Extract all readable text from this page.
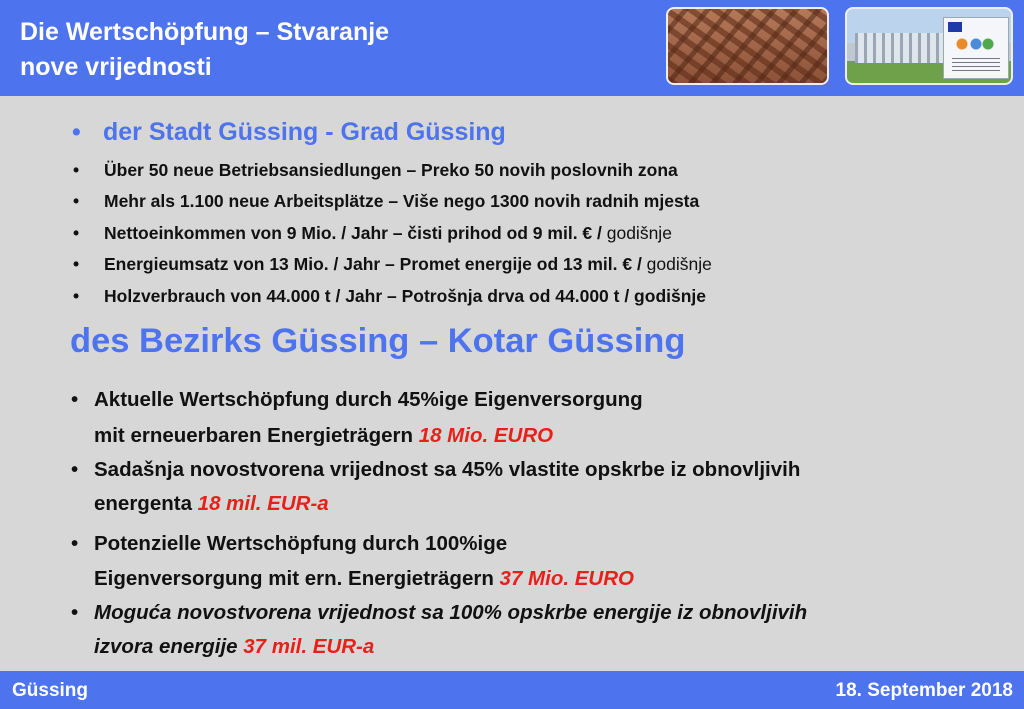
Die Wertschöpfung – Stvaranje
nove vrijednosti
• der Stadt Güssing - Grad Güssing
• Über 50 neue Betriebsansiedlungen – Preko 50 novih poslovnih zona
• Mehr als 1.100 neue Arbeitsplätze – Više nego 1300 novih radnih mjesta
• Nettoeinkommen von 9 Mio. / Jahr – čisti prihod od 9 mil. € / godišnje
• Energieumsatz von 13 Mio. / Jahr – Promet energije od 13 mil. € / godišnje
• Holzverbrauch von 44.000 t / Jahr – Potrošnja drva od 44.000 t / godišnje
des Bezirks Güssing – Kotar Güssing
• Aktuelle Wertschöpfung durch 45%ige Eigenversorgung
mit erneuerbaren Energieträgern 18 Mio. EURO
• Sadašnja novostvorena vrijednost sa 45% vlastite opskrbe iz obnovljivih
energenta 18 mil. EUR-a
• Potenzielle Wertschöpfung durch 100%ige
Eigenversorgung mit ern. Energieträgern 37 Mio. EURO
• Moguća novostvorena vrijednost sa 100% opskrbe energije iz obnovljivih
izvora energije 37 mil. EUR-a
Güssing	18. September 2018
